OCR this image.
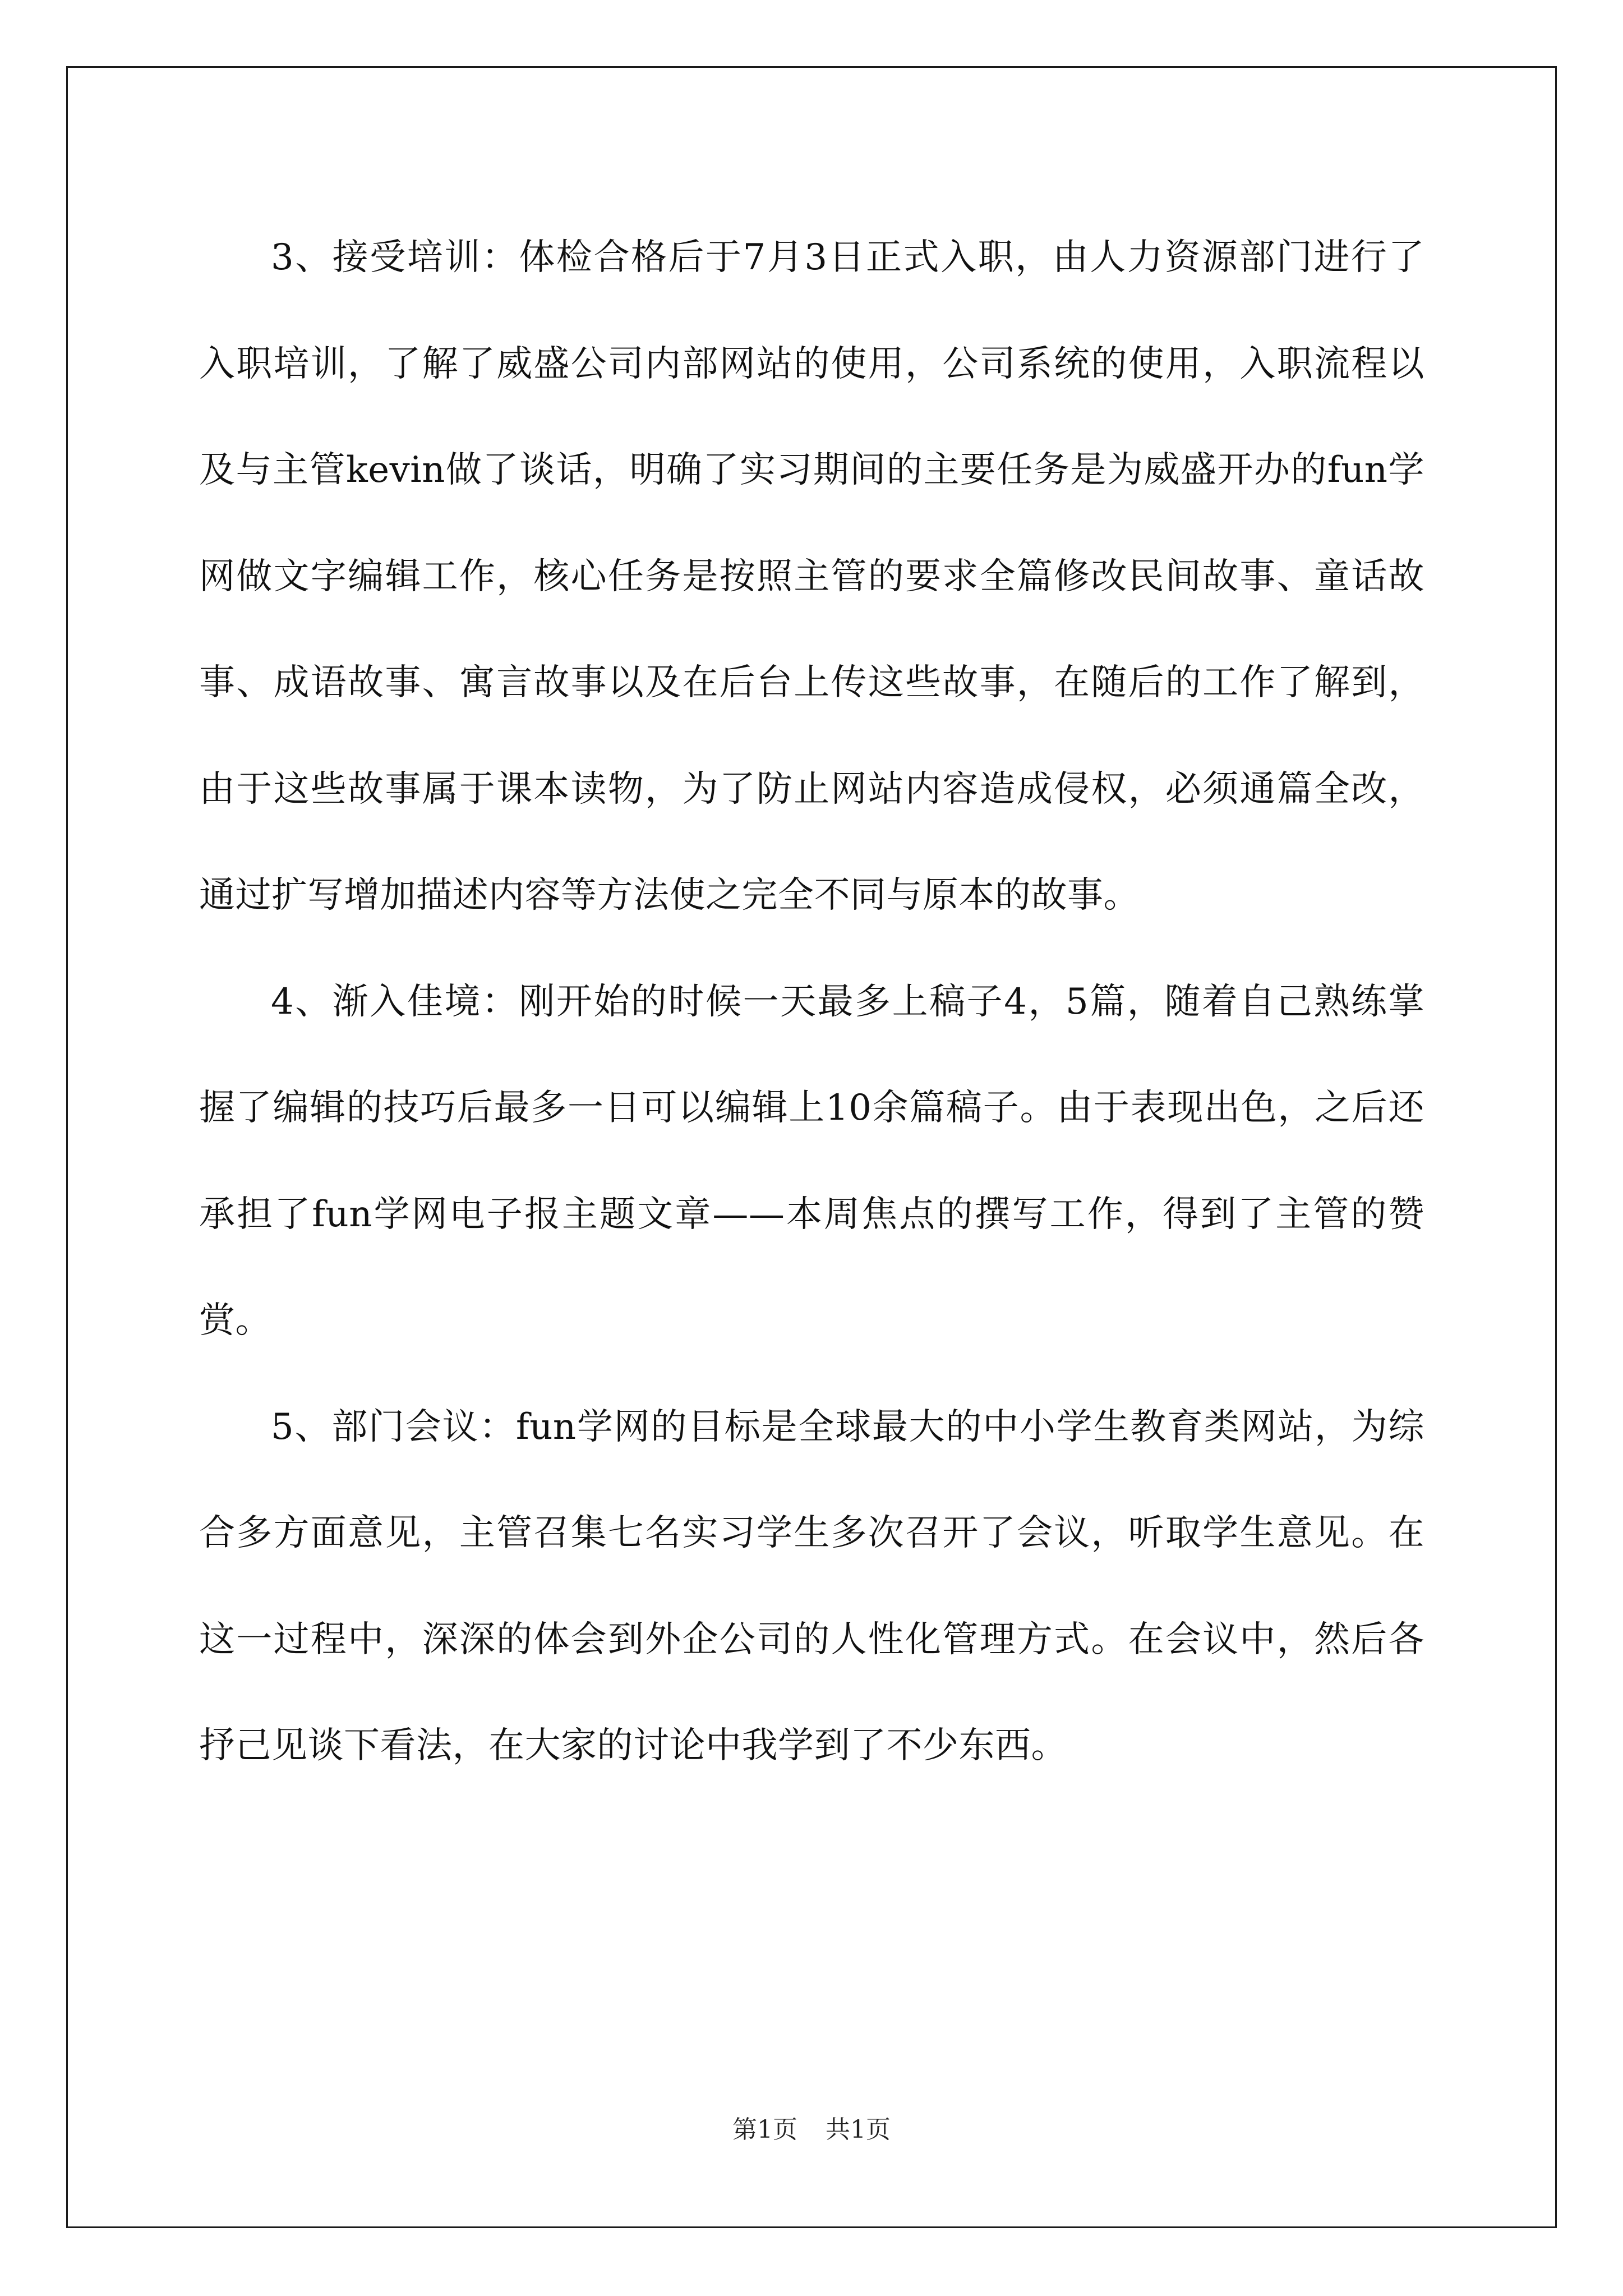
3、接受培训：体检合格后于7月3日正式入职，由人力资源部门进行了入职培训，了解了威盛公司内部网站的使用，公司系统的使用，入职流程以及与主管kevin做了谈话，明确了实习期间的主要任务是为威盛开办的fun学网做文字编辑工作，核心任务是按照主管的要求全篇修改民间故事、童话故事、成语故事、寓言故事以及在后台上传这些故事，在随后的工作了解到，由于这些故事属于课本读物，为了防止网站内容造成侵权，必须通篇全改，通过扩写增加描述内容等方法使之完全不同与原本的故事。

4、渐入佳境：刚开始的时候一天最多上稿子4，5篇，随着自己熟练掌握了编辑的技巧后最多一日可以编辑上10余篇稿子。由于表现出色，之后还承担了fun学网电子报主题文章——本周焦点的撰写工作，得到了主管的赞赏。

5、部门会议：fun学网的目标是全球最大的中小学生教育类网站，为综合多方面意见，主管召集七名实习学生多次召开了会议，听取学生意见。在这一过程中，深深的体会到外企公司的人性化管理方式。在会议中，然后各抒己见谈下看法，在大家的讨论中我学到了不少东西。

第1页 共1页
